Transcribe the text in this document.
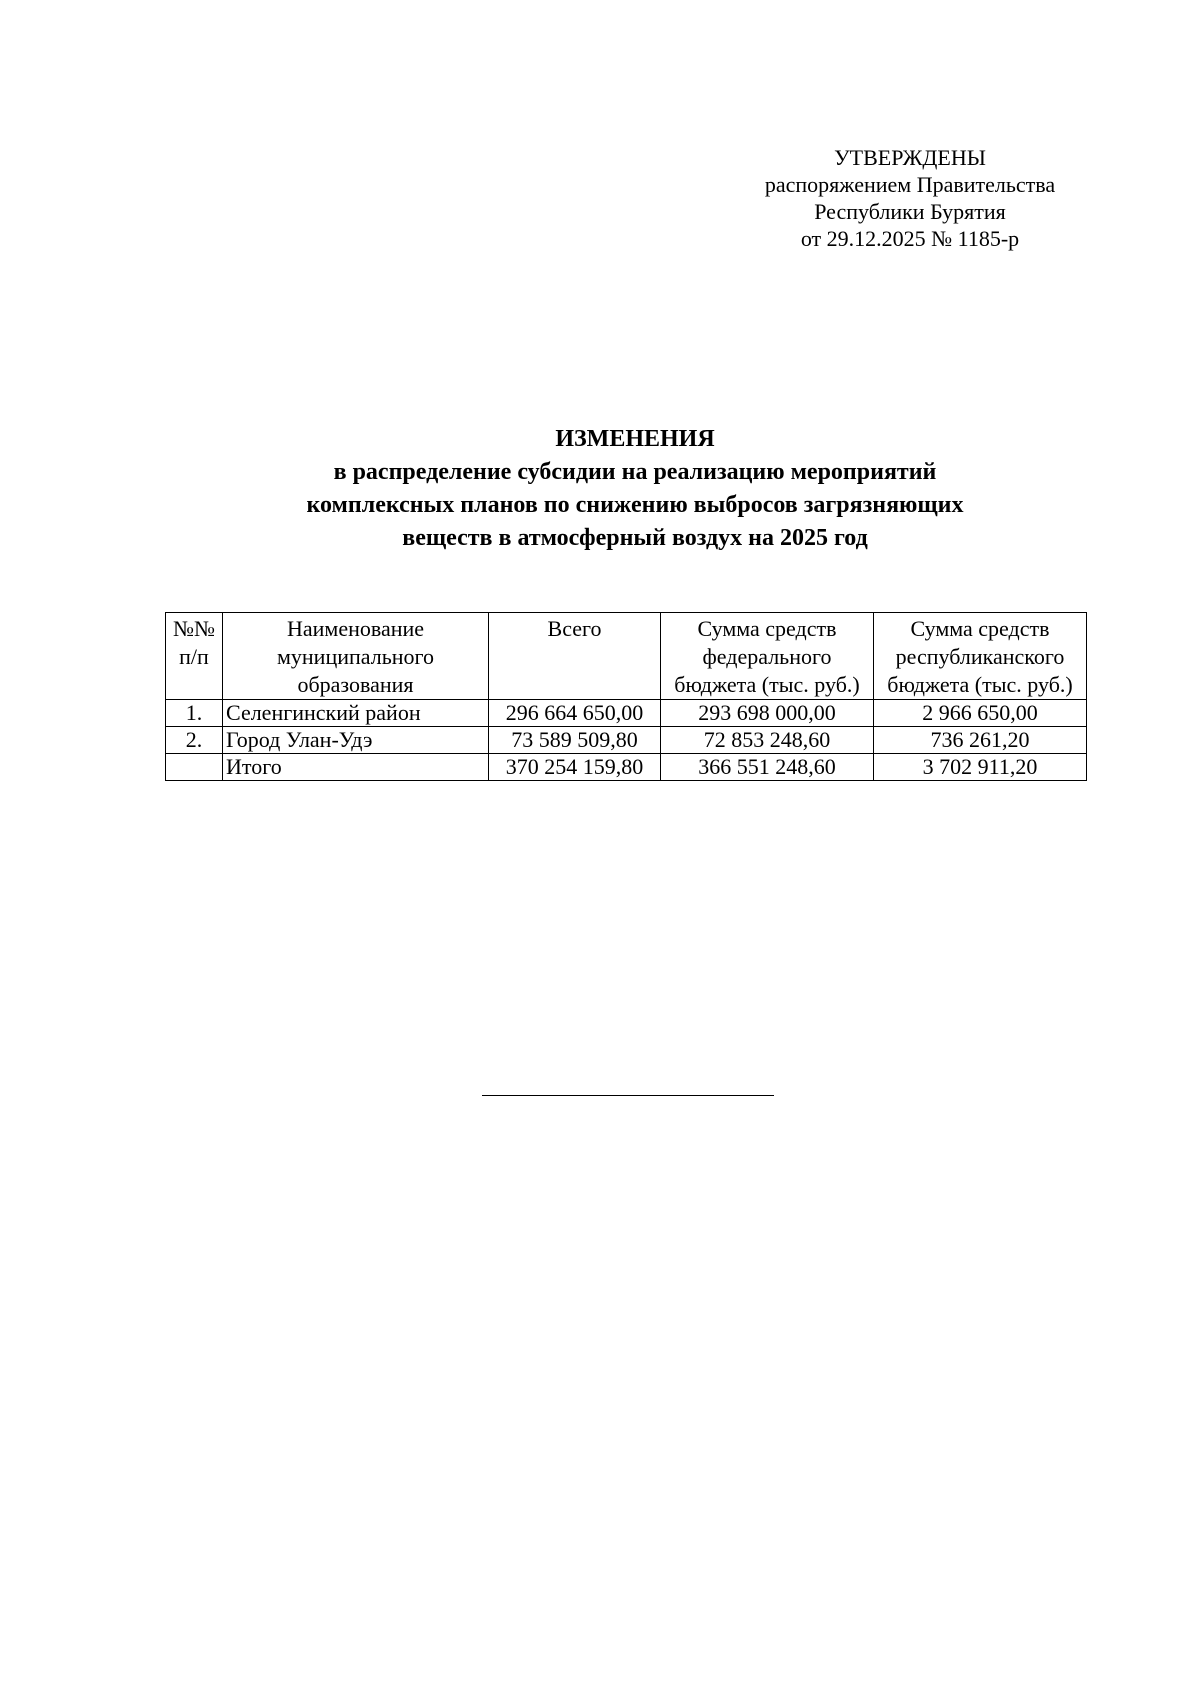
УТВЕРЖДЕНЫ
распоряжением Правительства
Республики Бурятия
от 29.12.2025 № 1185-р
ИЗМЕНЕНИЯ
в распределение субсидии на реализацию мероприятий
комплексных планов по снижению выбросов загрязняющих
веществ в атмосферный воздух на 2025 год
№№ п/п	Наименование муниципального образования	Всего	Сумма средств федерального бюджета (тыс. руб.)	Сумма средств республиканского бюджета (тыс. руб.)
1.	Селенгинский район	296 664 650,00	293 698 000,00	2 966 650,00
2.	Город Улан-Удэ	73 589 509,80	72 853 248,60	736 261,20
	Итого	370 254 159,80	366 551 248,60	3 702 911,20
